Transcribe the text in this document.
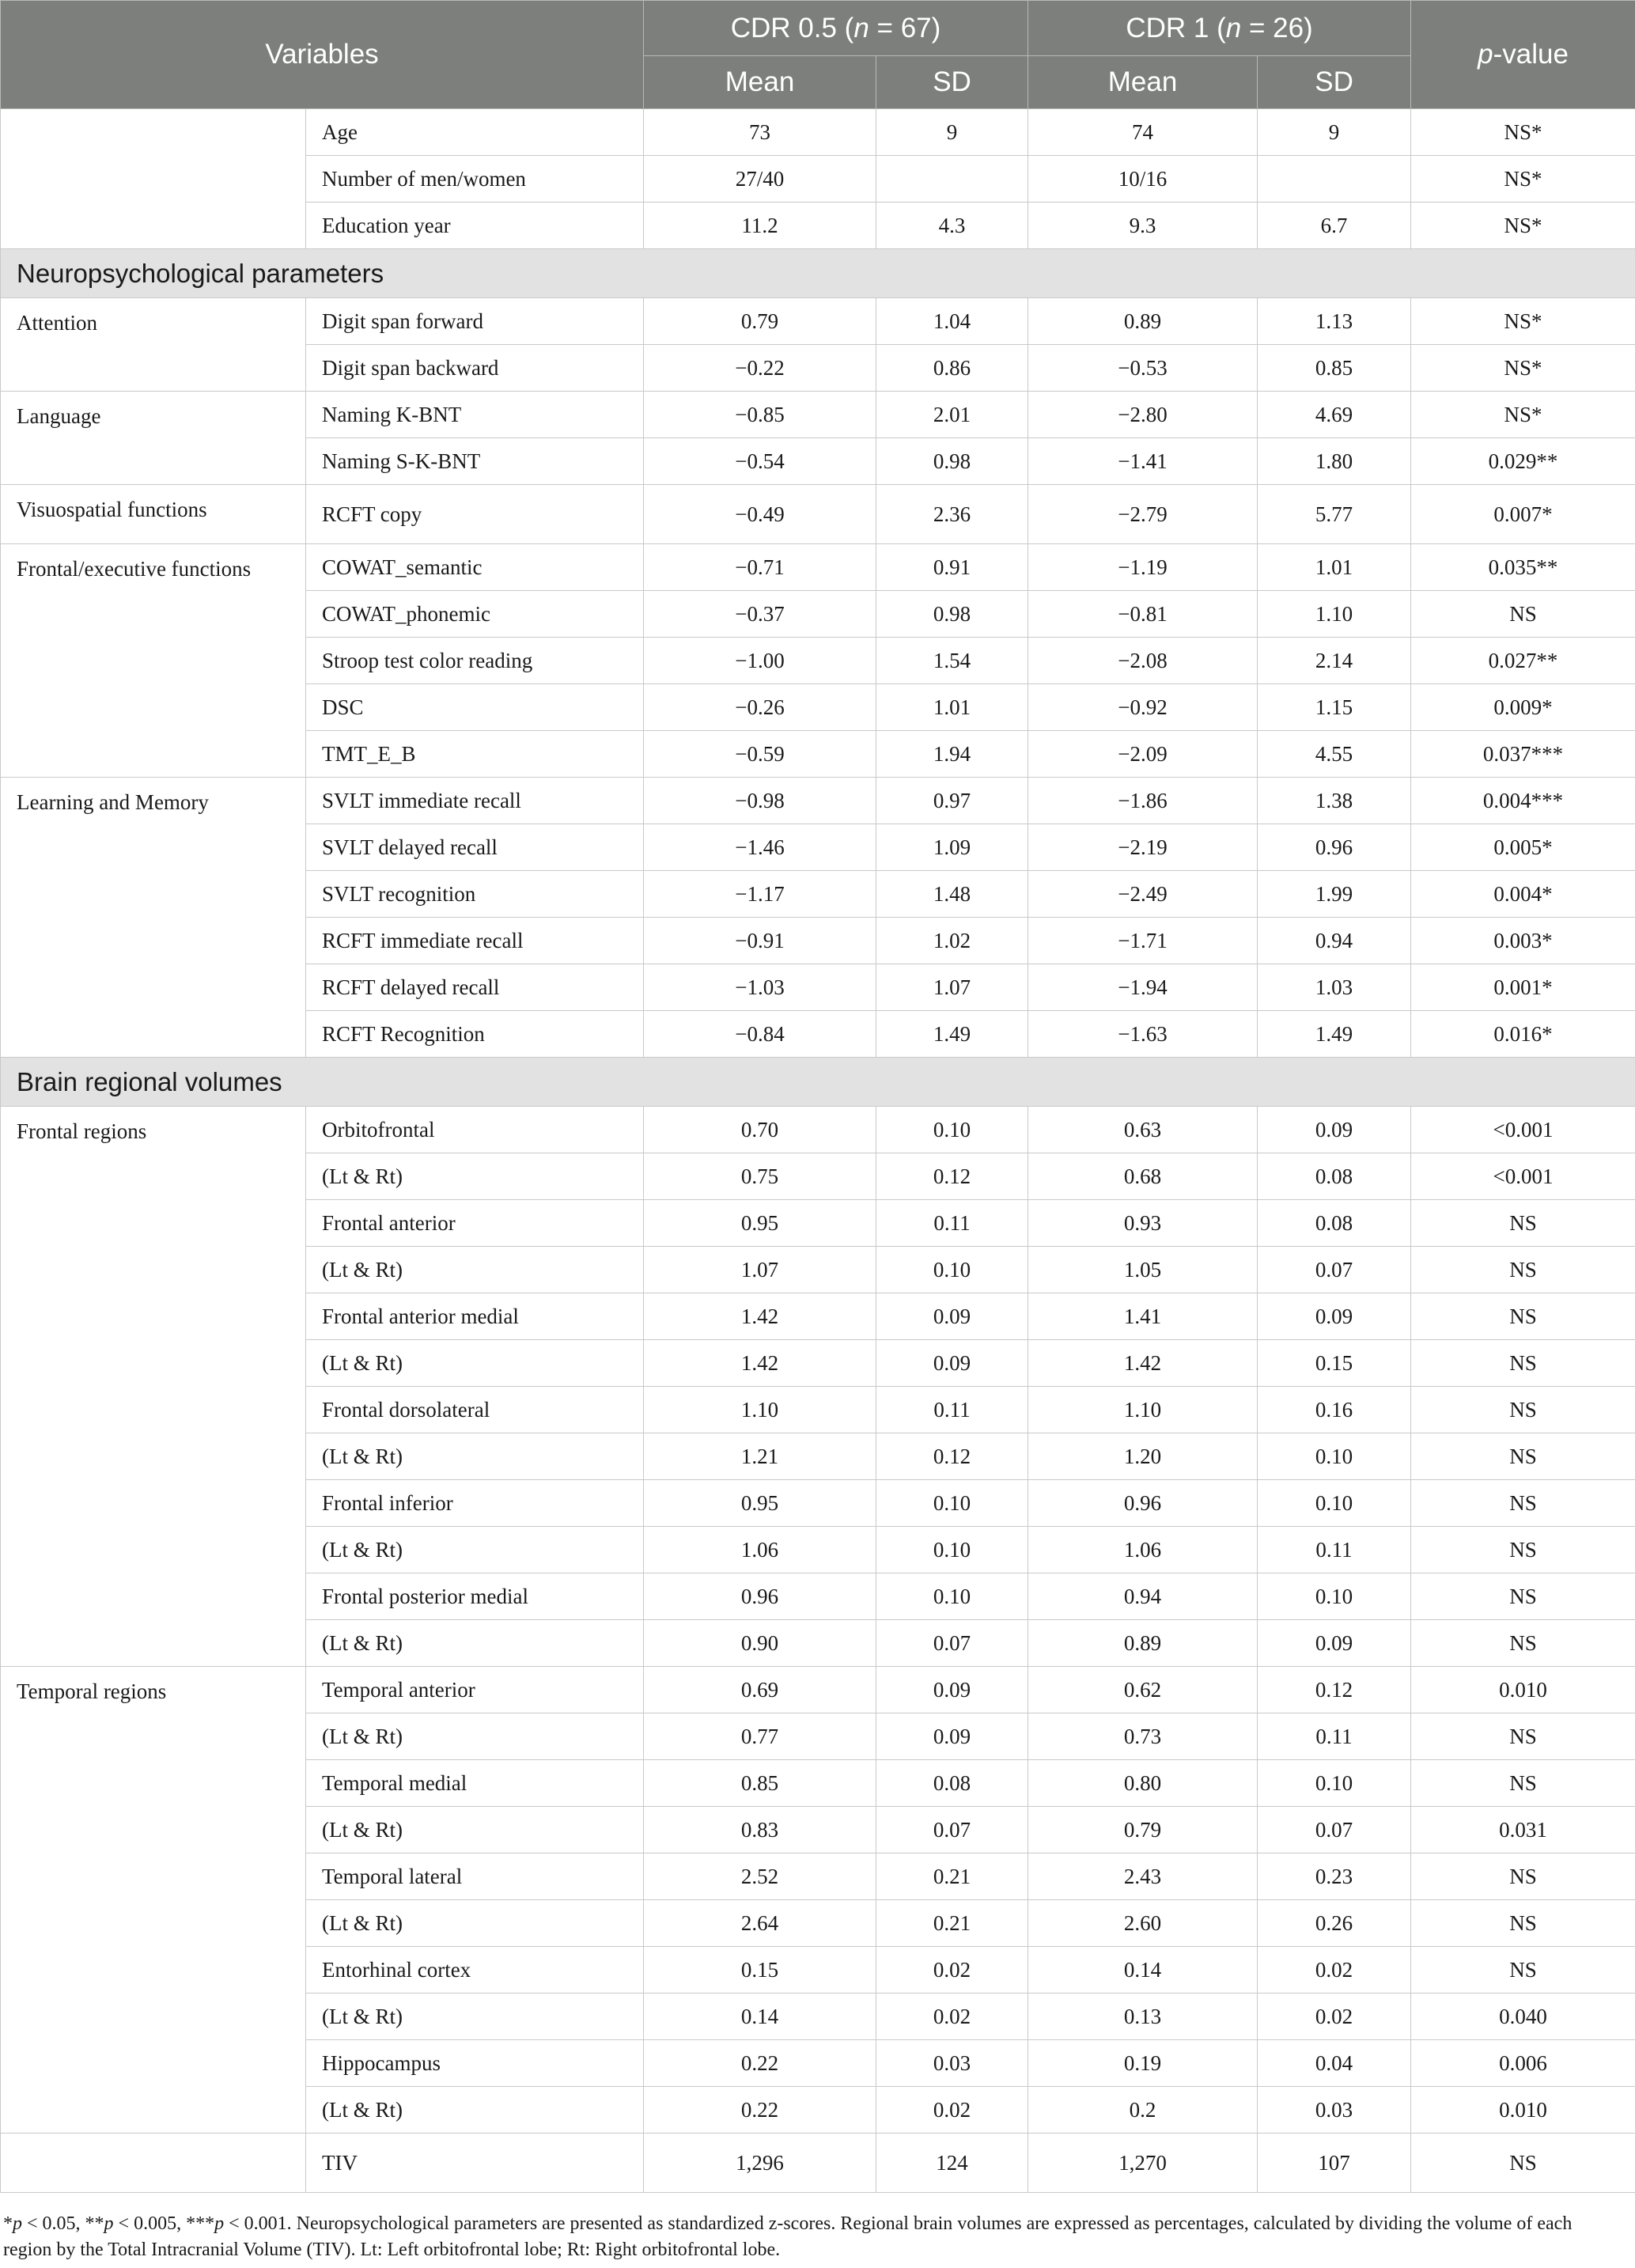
Variables		CDR 0.5 (n = 67)		CDR 1 (n = 26)		p-value
		Mean	SD	Mean	SD	
	Age	73	9	74	9	NS*
	Number of men/women	27/40		10/16		NS*
	Education year	11.2	4.3	9.3	6.7	NS*
Neuropsychological parameters						
Attention	Digit span forward	0.79	1.04	0.89	1.13	NS*
	Digit span backward	−0.22	0.86	−0.53	0.85	NS*
Language	Naming K-BNT	−0.85	2.01	−2.80	4.69	NS*
	Naming S-K-BNT	−0.54	0.98	−1.41	1.80	0.029**
Visuospatial functions	RCFT copy	−0.49	2.36	−2.79	5.77	0.007*
Frontal/executive functions	COWAT_semantic	−0.71	0.91	−1.19	1.01	0.035**
	COWAT_phonemic	−0.37	0.98	−0.81	1.10	NS
	Stroop test color reading	−1.00	1.54	−2.08	2.14	0.027**
	DSC	−0.26	1.01	−0.92	1.15	0.009*
	TMT_E_B	−0.59	1.94	−2.09	4.55	0.037***
Learning and Memory	SVLT immediate recall	−0.98	0.97	−1.86	1.38	0.004***
	SVLT delayed recall	−1.46	1.09	−2.19	0.96	0.005*
	SVLT recognition	−1.17	1.48	−2.49	1.99	0.004*
	RCFT immediate recall	−0.91	1.02	−1.71	0.94	0.003*
	RCFT delayed recall	−1.03	1.07	−1.94	1.03	0.001*
	RCFT Recognition	−0.84	1.49	−1.63	1.49	0.016*
Brain regional volumes						
Frontal regions	Orbitofrontal	0.70	0.10	0.63	0.09	<0.001
	(Lt & Rt)	0.75	0.12	0.68	0.08	<0.001
	Frontal anterior	0.95	0.11	0.93	0.08	NS
	(Lt & Rt)	1.07	0.10	1.05	0.07	NS
	Frontal anterior medial	1.42	0.09	1.41	0.09	NS
	(Lt & Rt)	1.42	0.09	1.42	0.15	NS
	Frontal dorsolateral	1.10	0.11	1.10	0.16	NS
	(Lt & Rt)	1.21	0.12	1.20	0.10	NS
	Frontal inferior	0.95	0.10	0.96	0.10	NS
	(Lt & Rt)	1.06	0.10	1.06	0.11	NS
	Frontal posterior medial	0.96	0.10	0.94	0.10	NS
	(Lt & Rt)	0.90	0.07	0.89	0.09	NS
Temporal regions	Temporal anterior	0.69	0.09	0.62	0.12	0.010
	(Lt & Rt)	0.77	0.09	0.73	0.11	NS
	Temporal medial	0.85	0.08	0.80	0.10	NS
	(Lt & Rt)	0.83	0.07	0.79	0.07	0.031
	Temporal lateral	2.52	0.21	2.43	0.23	NS
	(Lt & Rt)	2.64	0.21	2.60	0.26	NS
	Entorhinal cortex	0.15	0.02	0.14	0.02	NS
	(Lt & Rt)	0.14	0.02	0.13	0.02	0.040
	Hippocampus	0.22	0.03	0.19	0.04	0.006
	(Lt & Rt)	0.22	0.02	0.2	0.03	0.010
	TIV	1,296	124	1,270	107	NS
*p < 0.05, **p < 0.005, ***p < 0.001. Neuropsychological parameters are presented as standardized z-scores. Regional brain volumes are expressed as percentages, calculated by dividing the volume of each region by the Total Intracranial Volume (TIV). Lt: Left orbitofrontal lobe; Rt: Right orbitofrontal lobe.
